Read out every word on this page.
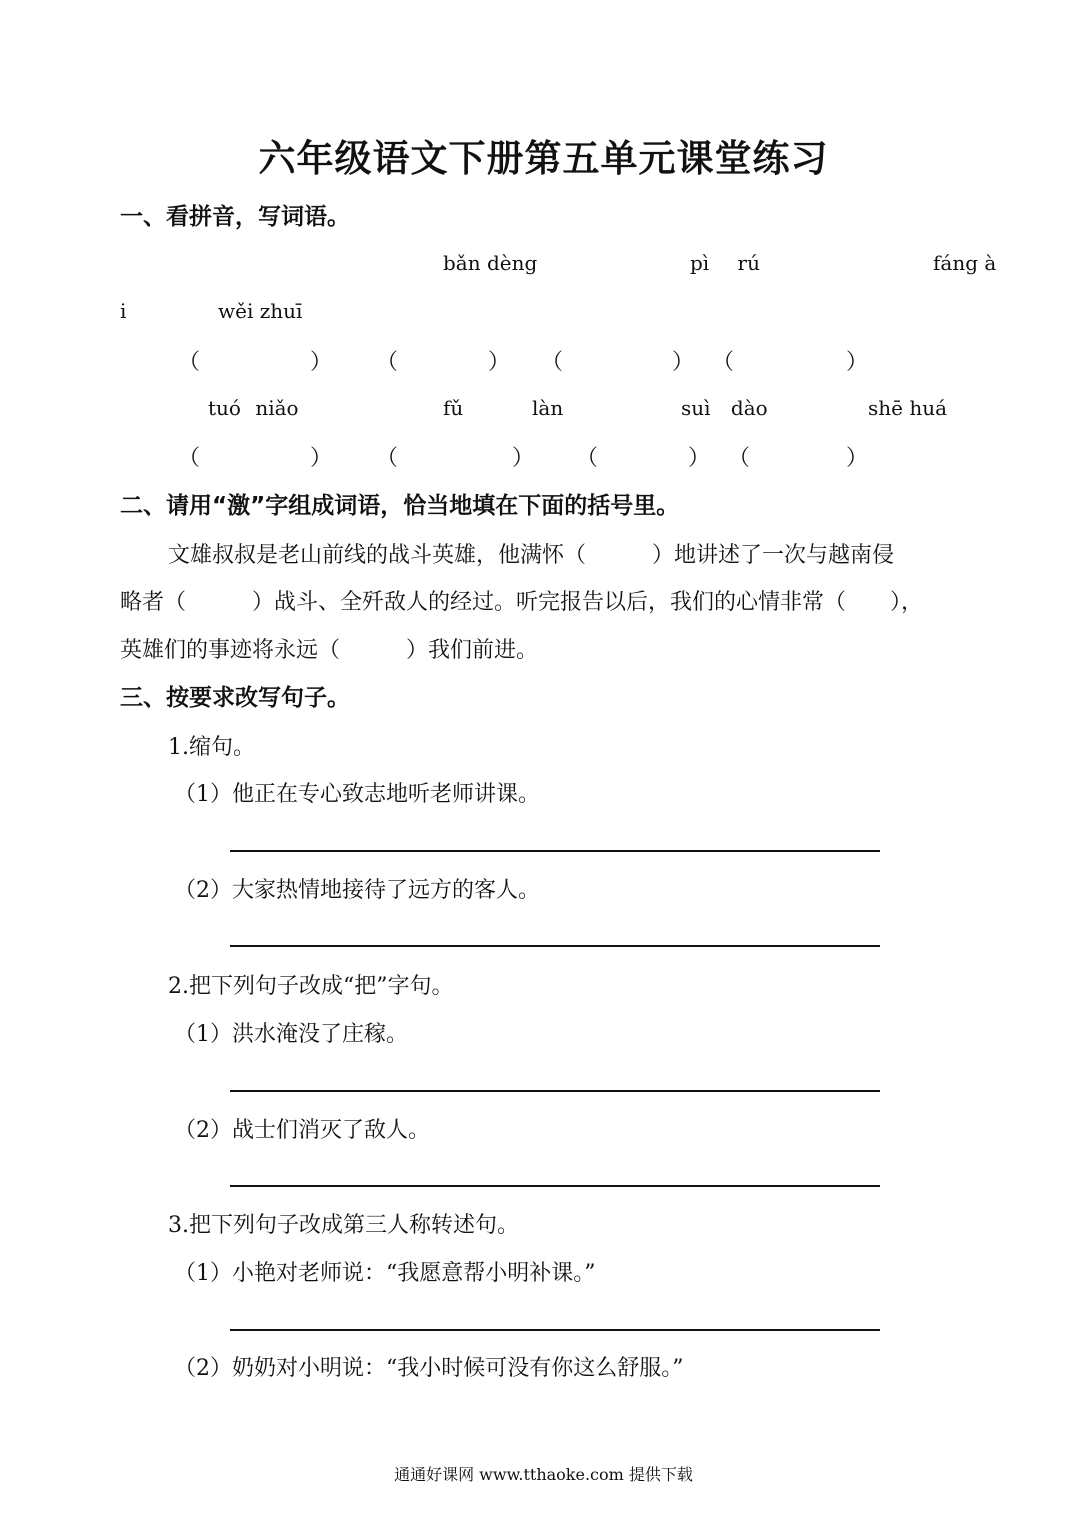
六年级语文下册第五单元课堂练习
一、看拼音，写词语。
bǎn dèng	pì rú	fáng à
i	wěi zhuī
（	） （	） （	） （	）
tuó niǎo	fǔ	làn	suì dào	shē huá
（	） （	） （	） （	）
二、请用“激”字组成词语，恰当地填在下面的括号里。
文雄叔叔是老山前线的战斗英雄，他满怀（　　　）地讲述了一次与越南侵
略者（　　　）战斗、全歼敌人的经过。听完报告以后，我们的心情非常（　　），
英雄们的事迹将永远（　　　）我们前进。
三、按要求改写句子。
1.缩句。
（1）他正在专心致志地听老师讲课。
（2）大家热情地接待了远方的客人。
2.把下列句子改成“把”字句。
（1）洪水淹没了庄稼。
（2）战士们消灭了敌人。
3.把下列句子改成第三人称转述句。
（1）小艳对老师说：“我愿意帮小明补课。”
（2）奶奶对小明说：“我小时候可没有你这么舒服。”
通通好课网 www.tthaoke.com 提供下载
